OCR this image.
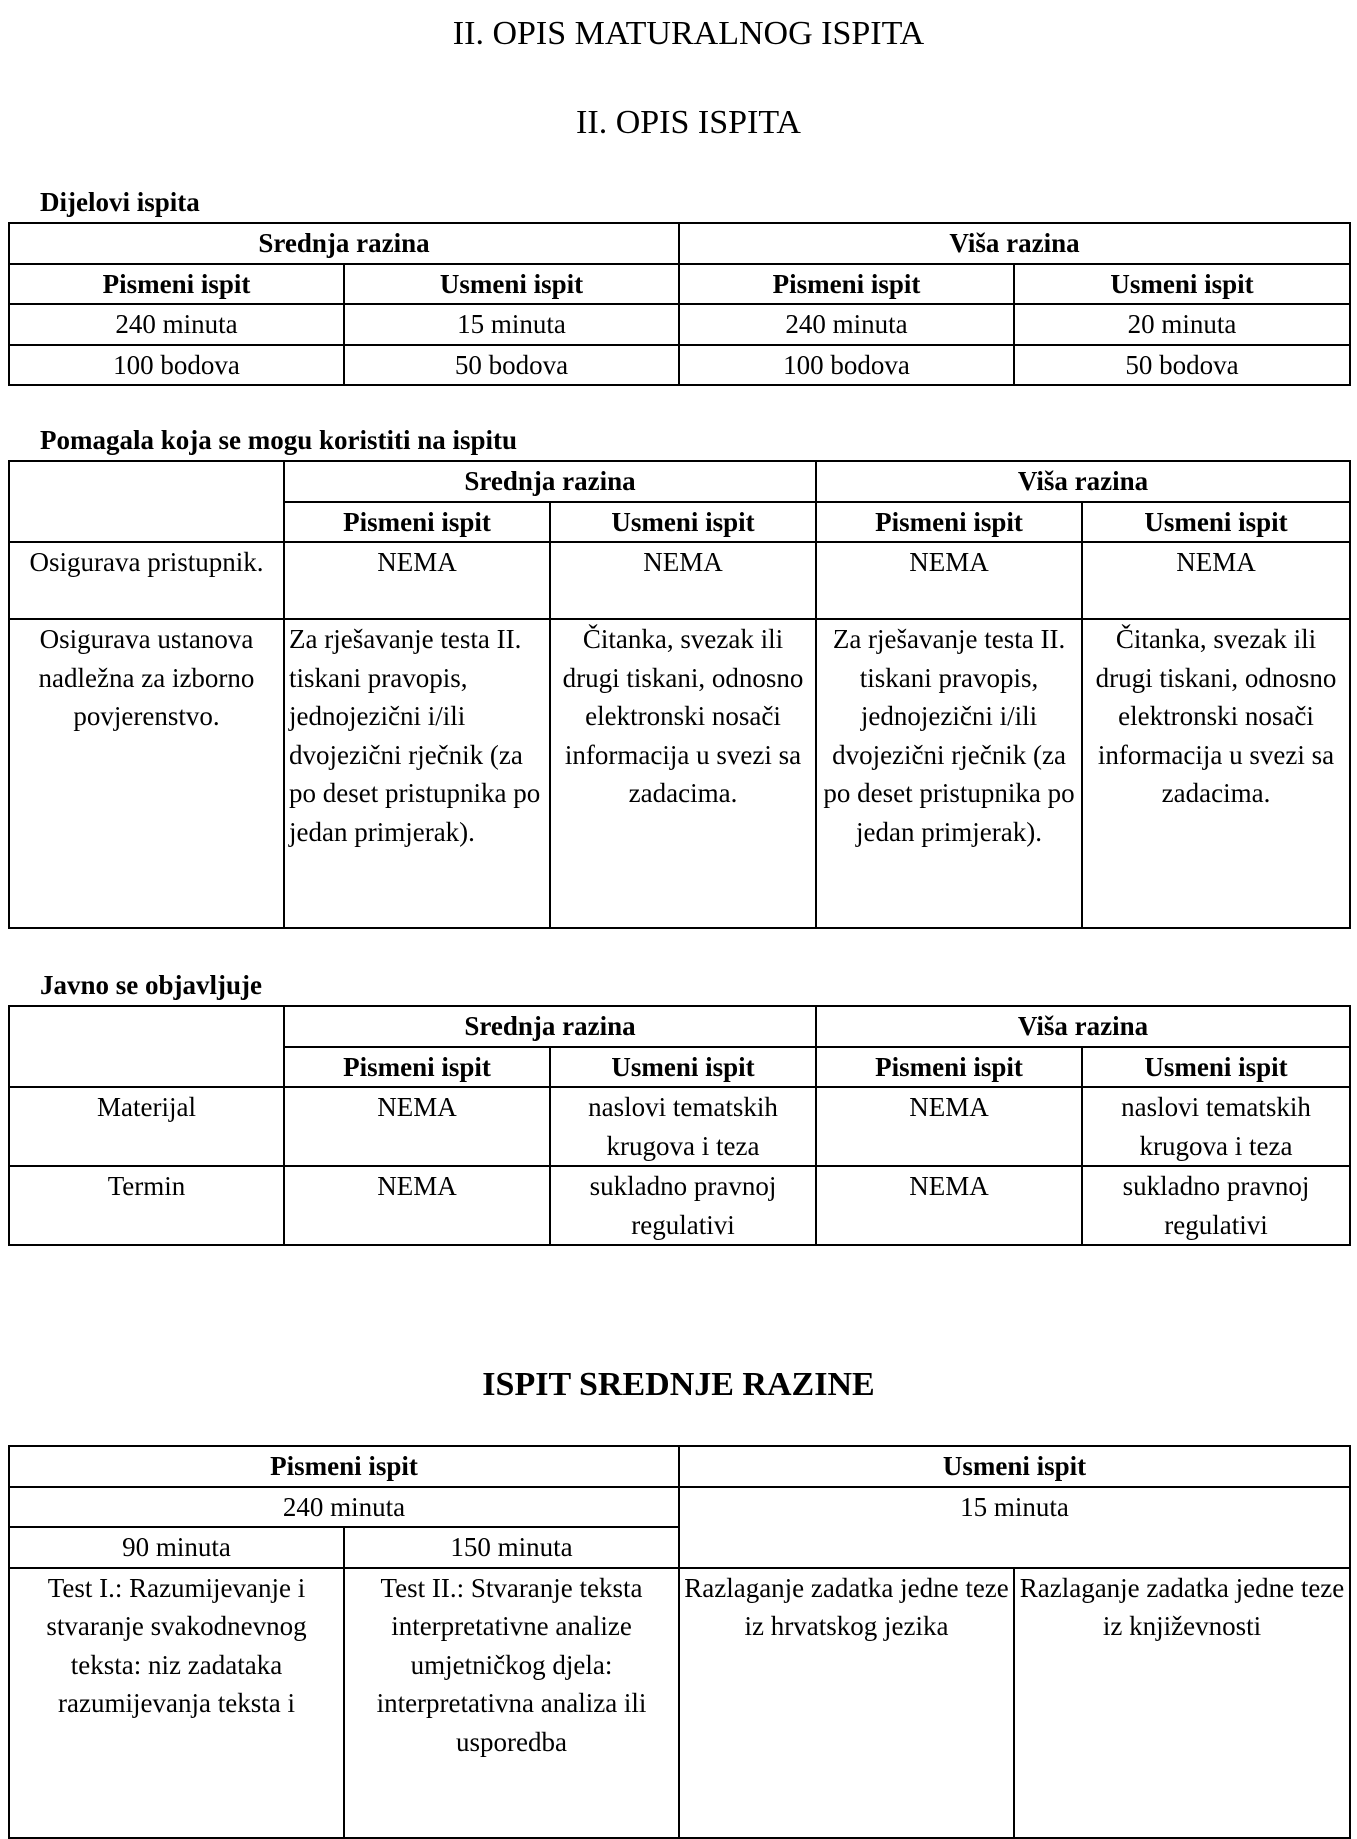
II. OPIS MATURALNOG ISPITA
II. OPIS ISPITA
Dijelovi ispita
Srednja razina		Viša razina	
Pismeni ispit	Usmeni ispit	Pismeni ispit	Usmeni ispit
240 minuta	15 minuta	240 minuta	20 minuta
100 bodova	50 bodova	100 bodova	50 bodova
Pomagala koja se mogu koristiti na ispitu
	Srednja razina		Viša razina	
	Pismeni ispit	Usmeni ispit	Pismeni ispit	Usmeni ispit
Osigurava pristupnik.	NEMA	NEMA	NEMA	NEMA
Osigurava ustanova nadležna za izborno povjerenstvo.	Za rješavanje testa II. tiskani pravopis, jednojezični i/ili dvojezični rječnik (za po deset pristupnika po jedan primjerak).	Čitanka, svezak ili drugi tiskani, odnosno elektronski nosači informacija u svezi sa zadacima.	Za rješavanje testa II. tiskani pravopis, jednojezični i/ili dvojezični rječnik (za po deset pristupnika po jedan primjerak).	Čitanka, svezak ili drugi tiskani, odnosno elektronski nosači informacija u svezi sa zadacima.
Javno se objavljuje
	Srednja razina		Viša razina	
	Pismeni ispit	Usmeni ispit	Pismeni ispit	Usmeni ispit
Materijal	NEMA	naslovi tematskih krugova i teza	NEMA	naslovi tematskih krugova i teza
Termin	NEMA	sukladno pravnoj regulativi	NEMA	sukladno pravnoj regulativi
ISPIT SREDNJE RAZINE
Pismeni ispit		Usmeni ispit	
240 minuta		15 minuta	
90 minuta	150 minuta		
Test I.: Razumijevanje i stvaranje svakodnevnog teksta: niz zadataka razumijevanja teksta i	Test II.: Stvaranje teksta interpretativne analize umjetničkog djela: interpretativna analiza ili usporedba	Razlaganje zadatka jedne teze iz hrvatskog jezika	Razlaganje zadatka jedne teze iz književnosti
